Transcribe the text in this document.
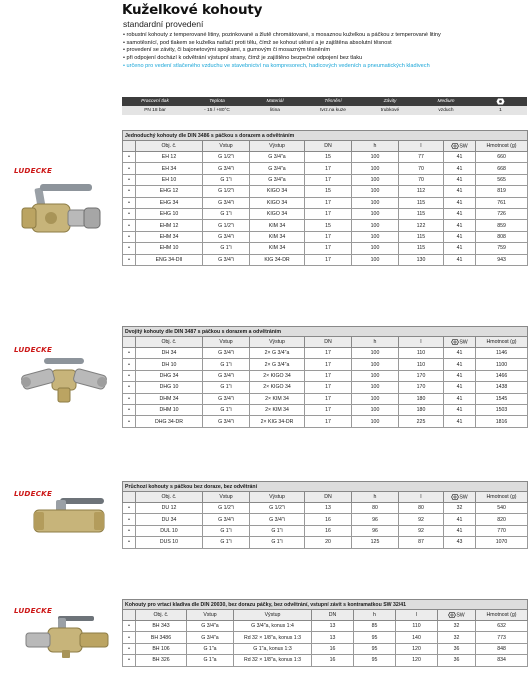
Kuželkové kohouty
standardní provedení
• robustní kohouty z temperované litiny, pozinkované a žlutě chromátované, s mosaznou kuželkou a páčkou z temperované litiny
• samotěsnící, pod tlakem se kuželka natlačí proti tělu, čímž se kohout utěsní a je zajištěna absolutní těsnost
• provedení se závity, či bajonetovými spojkami, s gumovým či mosazným těsněním
• při odpojení dochází k odvětrání výstupní strany, čímž je zajištěno bezpečné odpojení bez tlaku
• určeno pro vedení stlačeného vzduchu ve stavebnictví na kompresorech, hadicových vedeních a pneumatických kladivech
Pracovní tlak	Teplota	Materiál	Těsnění	Závity	Medium	
PN 18 bar	- 15 / +80°C	litina	tvrz.na kuze	trubkové	vzduch	1
LUDECKE
Jednoduchý kohouty dle DIN 3486 s páčkou s dorazem a odvětráním								
	Obj. č.	Vstup	Výstup	DN	h	l	SW	Hmotnost (g)
•	EH 12	G 1/2"i	G 3/4"a	15	100	77	41	660
•	EH 34	G 3/4"i	G 3/4"a	17	100	70	41	668
•	EH 10	G 1"i	G 3/4"a	17	100	70	41	565
•	EHG 12	G 1/2"i	KIGO 34	15	100	112	41	819
•	EHG 34	G 3/4"i	KIGO 34	17	100	115	41	761
•	EHG 10	G 1"i	KIGO 34	17	100	115	41	726
•	EHM 12	G 1/2"i	KIM 34	15	100	122	41	859
•	EHM 34	G 3/4"i	KIM 34	17	100	115	41	808
•	EHM 10	G 1"i	KIM 34	17	100	115	41	759
•	ENG 34-DII	G 3/4"i	KIG 34-DR	17	100	130	41	943
LUDECKE
Dvojitý kohouty dle DIN 3487 s páčkou s dorazem a odvětráním								
	Obj. č.	Vstup	Výstup	DN	h	l	SW	Hmotnost (g)
•	DH 34	G 3/4"i	2× G 3/4"a	17	100	110	41	1146
•	DH 10	G 1"i	2× G 3/4"a	17	100	110	41	1100
•	DHG 34	G 3/4"i	2× KIGO 34	17	100	170	41	1466
•	DHG 10	G 1"i	2× KIGO 34	17	100	170	41	1438
•	DHM 34	G 3/4"i	2× KIM 34	17	100	180	41	1545
•	DHM 10	G 1"i	2× KIM 34	17	100	180	41	1503
•	DHG 34-DR	G 3/4"i	2× KIG 34-DR	17	100	225	41	1816
LUDECKE
Průchozí kohouty s páčkou bez doraze, bez odvětrání								
	Obj. č.	Vstup	Výstup	DN	h	l	SW	Hmotnost (g)
•	DU 12	G 1/2"i	G 1/2"i	13	80	80	32	540
•	DU 34	G 3/4"i	G 3/4"i	16	96	92	41	820
•	DUL 10	G 1"i	G 1"i	16	96	92	41	770
•	DUS 10	G 1"i	G 1"i	20	125	87	43	1070
LUDECKE
Kohouty pro vrtací kladiva dle DIN 20030, bez dorazu páčky, bez odvětrání, vstupní závit s kontramatkou SW 32/41								
	Obj. č.	Vstup	Výstup	DN	h	l	SW	Hmotnost (g)
•	BH 343	G 3/4"a	G 3/4"a, konus 1:4	13	85	110	32	632
•	BH 3486	G 3/4"a	Rd 32 × 1/8"a, konus 1:3	13	95	140	32	773
•	BH 106	G 1"a	G 1"a, konus 1:3	16	95	120	36	848
•	BH 326	G 1"a	Rd 32 × 1/8"a, konus 1:3	16	95	120	36	834
